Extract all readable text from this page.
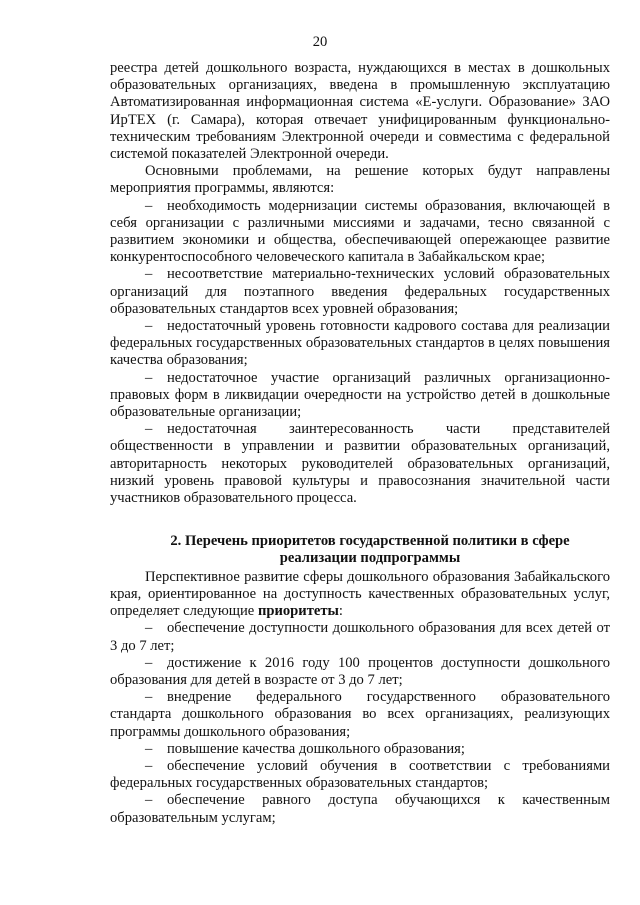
20

реестра детей дошкольного возраста, нуждающихся в местах в дошкольных образовательных организациях, введена в промышленную эксплуатацию Автоматизированная информационная система «Е-услуги. Образование» ЗАО ИрТЕХ (г. Самара), которая отвечает унифицированным функционально-техническим требованиям Электронной очереди и совместима с федеральной системой показателей Электронной очереди.

Основными проблемами, на решение которых будут направлены мероприятия программы, являются:

– необходимость модернизации системы образования, включающей в себя организации с различными миссиями и задачами, тесно связанной с развитием экономики и общества, обеспечивающей опережающее развитие конкурентоспособного человеческого капитала в Забайкальском крае;

– несоответствие материально-технических условий образовательных организаций для поэтапного введения федеральных государственных образовательных стандартов всех уровней образования;

– недостаточный уровень готовности кадрового состава для реализации федеральных государственных образовательных стандартов в целях повышения качества образования;

– недостаточное участие организаций различных организационно-правовых форм в ликвидации очередности на устройство детей в дошкольные образовательные организации;

– недостаточная заинтересованность части представителей общественности в управлении и развитии образовательных организаций, авторитарность некоторых руководителей образовательных организаций, низкий уровень правовой культуры и правосознания значительной части участников образовательного процесса.

2. Перечень приоритетов государственной политики в сфере
реализации подпрограммы

Перспективное развитие сферы дошкольного образования Забайкальского края, ориентированное на доступность качественных образовательных услуг, определяет следующие приоритеты:

– обеспечение доступности дошкольного образования для всех детей от 3 до 7 лет;

– достижение к 2016 году 100 процентов доступности дошкольного образования для детей в возрасте от 3 до 7 лет;

– внедрение федерального государственного образовательного стандарта дошкольного образования во всех организациях, реализующих программы дошкольного образования;

– повышение качества дошкольного образования;

– обеспечение условий обучения в соответствии с требованиями федеральных государственных образовательных стандартов;

– обеспечение равного доступа обучающихся к качественным образовательным услугам;
